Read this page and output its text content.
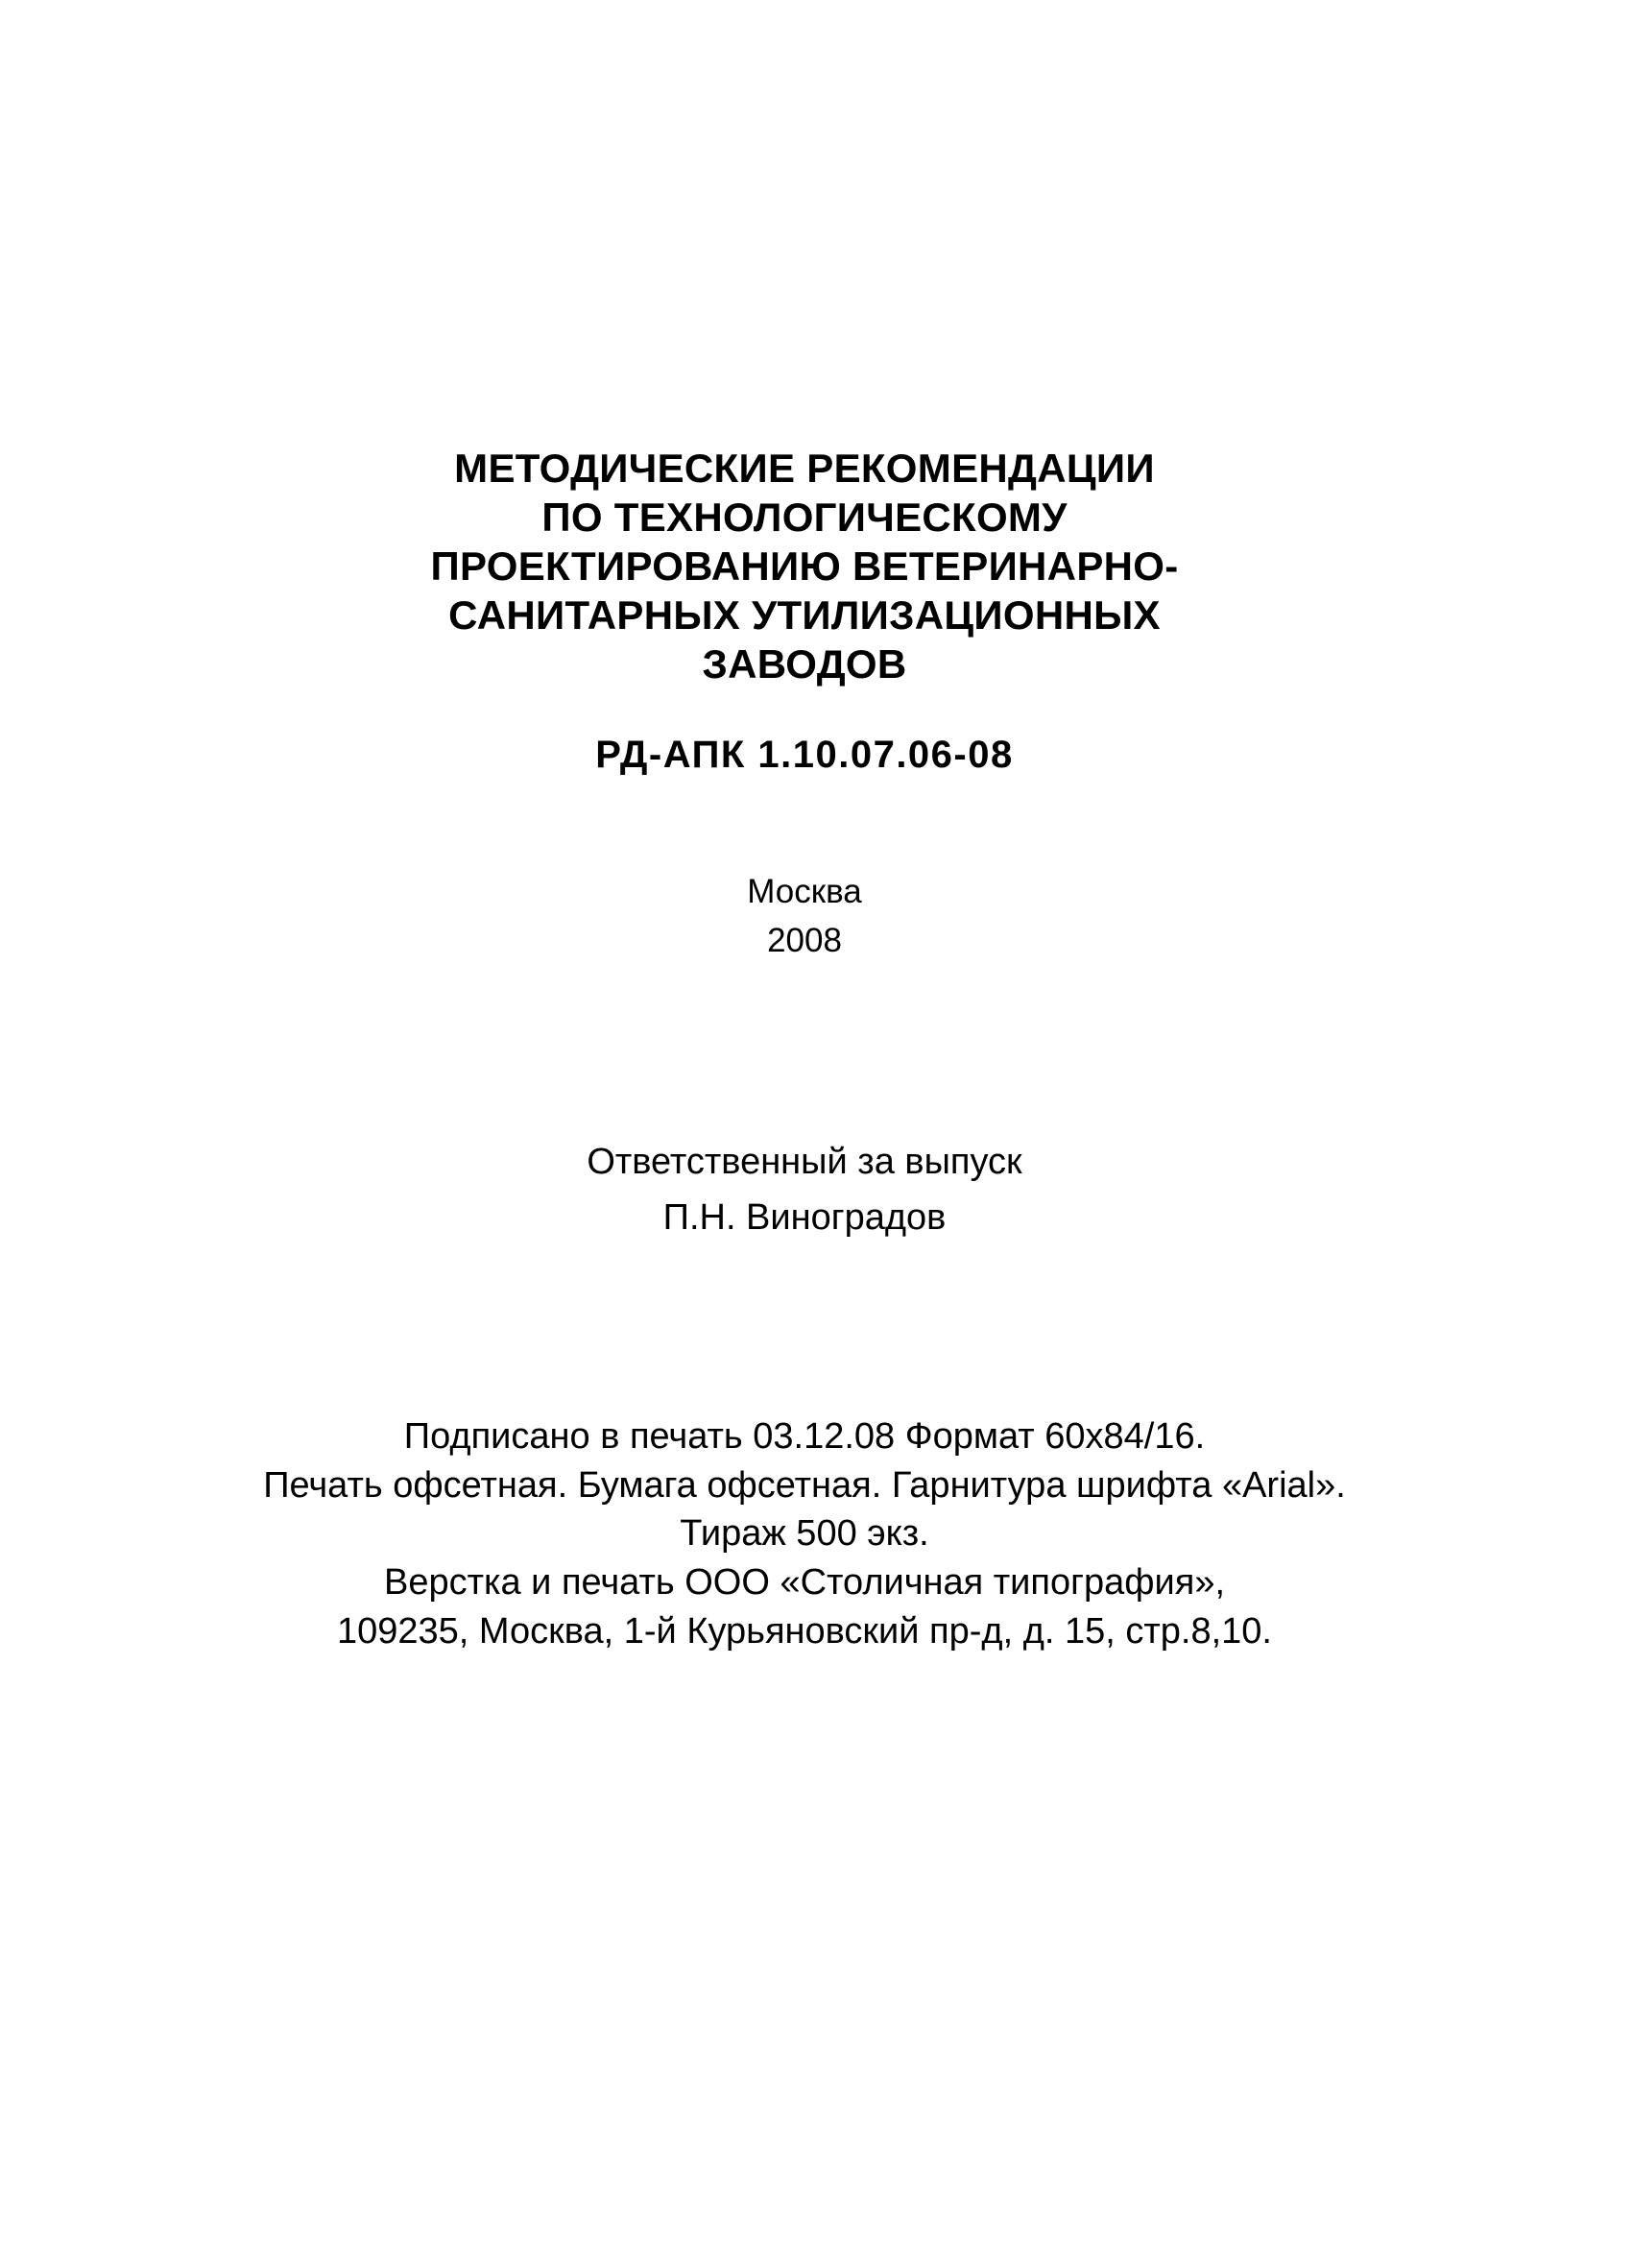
МЕТОДИЧЕСКИЕ РЕКОМЕНДАЦИИ
ПО ТЕХНОЛОГИЧЕСКОМУ
ПРОЕКТИРОВАНИЮ ВЕТЕРИНАРНО-
САНИТАРНЫХ УТИЛИЗАЦИОННЫХ
ЗАВОДОВ
РД-АПК 1.10.07.06-08
Москва
2008
Ответственный за выпуск
П.Н. Виноградов
Подписано в печать 03.12.08 Формат 60х84/16.
Печать офсетная. Бумага офсетная. Гарнитура шрифта «Arial».
Тираж 500 экз.
Верстка и печать ООО «Столичная типография»,
109235, Москва, 1-й Курьяновский пр-д, д. 15, стр.8,10.
